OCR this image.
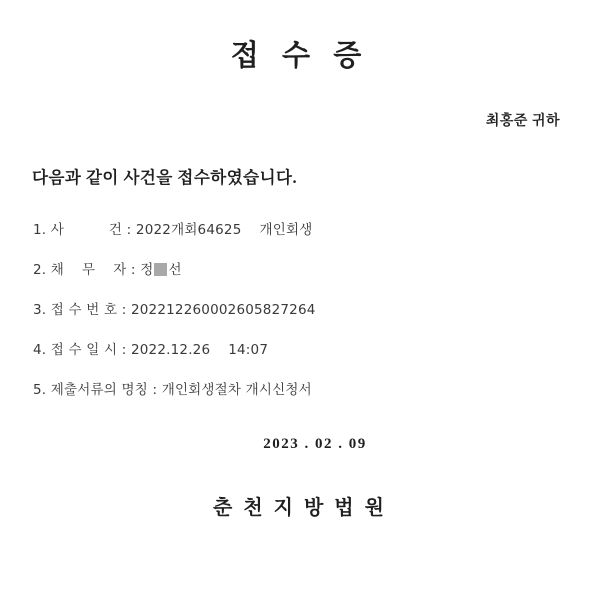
접 수 증
최홍준 귀하
다음과 같이 사건을 접수하였습니다.
1. 사          건 : 2022개회64625    개인회생
2. 채    무    자 : 정 선
3. 접 수 번 호 : 202212260002605827264
4. 접 수 일 시 : 2022.12.26    14:07
5. 제출서류의 명칭 : 개인회생절차 개시신청서
2023 . 02 . 09
춘 천 지 방 법 원
